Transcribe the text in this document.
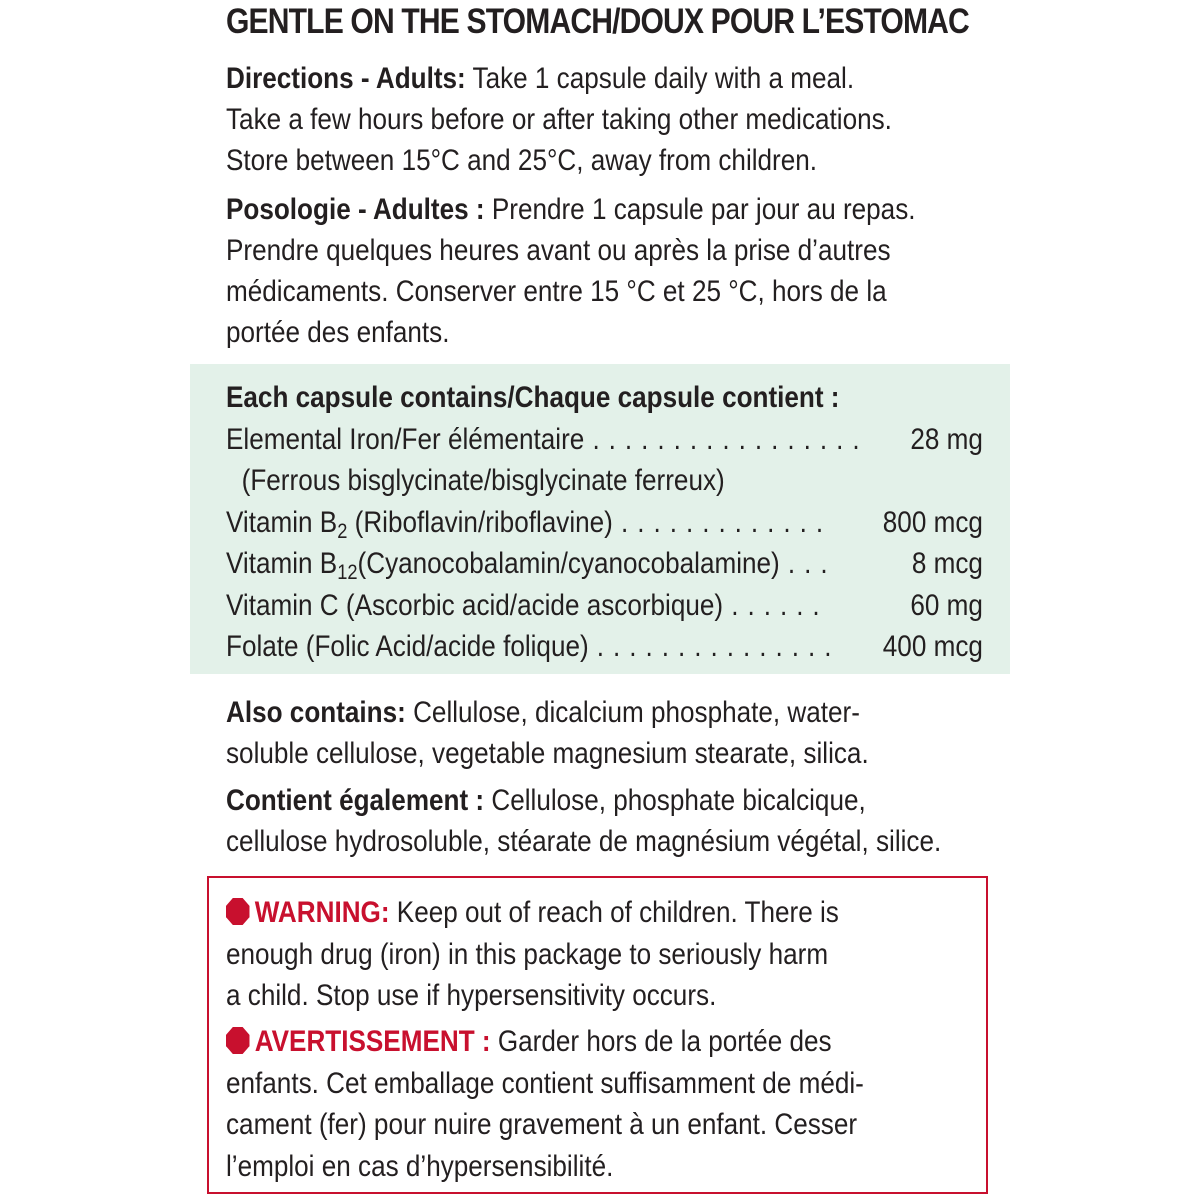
GENTLE ON THE STOMACH/DOUX POUR L’ESTOMAC
Directions - Adults: Take 1 capsule daily with a meal.
Take a few hours before or after taking other medications.
Store between 15°C and 25°C, away from children.
Posologie - Adultes : Prendre 1 capsule par jour au repas.
Prendre quelques heures avant ou après la prise d’autres
médicaments. Conserver entre 15 °C et 25 °C, hors de la
portée des enfants.
Each capsule contains/Chaque capsule contient :
Elemental Iron/Fer élémentaire . . . . . . . . . . . . . . . . . 28 mg
(Ferrous bisglycinate/bisglycinate ferreux)
Vitamin $B_2$ (Riboflavin/riboflavine) . . . . . . . . . . . . . 800 mcg
Vitamin $B_{12}(Cyanocobalamin/cyanocobalamine)$ . . .	8 mcg
Vitamin C (Ascorbic acid/acide ascorbique) . . . . . .	60 mg
Folate (Folic Acid/acide folique) . . . . . . . . . . . . . . . 400 mcg
Also contains: Cellulose, dicalcium phosphate, water-
soluble cellulose, vegetable magnesium stearate, silica.
Contient également : Cellulose, phosphate bicalcique,
cellulose hydrosoluble, stéarate de magnésium végétal, silice.
WARNING: Keep out of reach of children. There is
enough drug (iron) in this package to seriously harm
a child. Stop use if hypersensitivity occurs.
AVERTISSEMENT : Garder hors de la portée des
enfants. Cet emballage contient suffisamment de médi-
cament (fer) pour nuire gravement à un enfant. Cesser
l’emploi en cas d’hypersensibilité.
